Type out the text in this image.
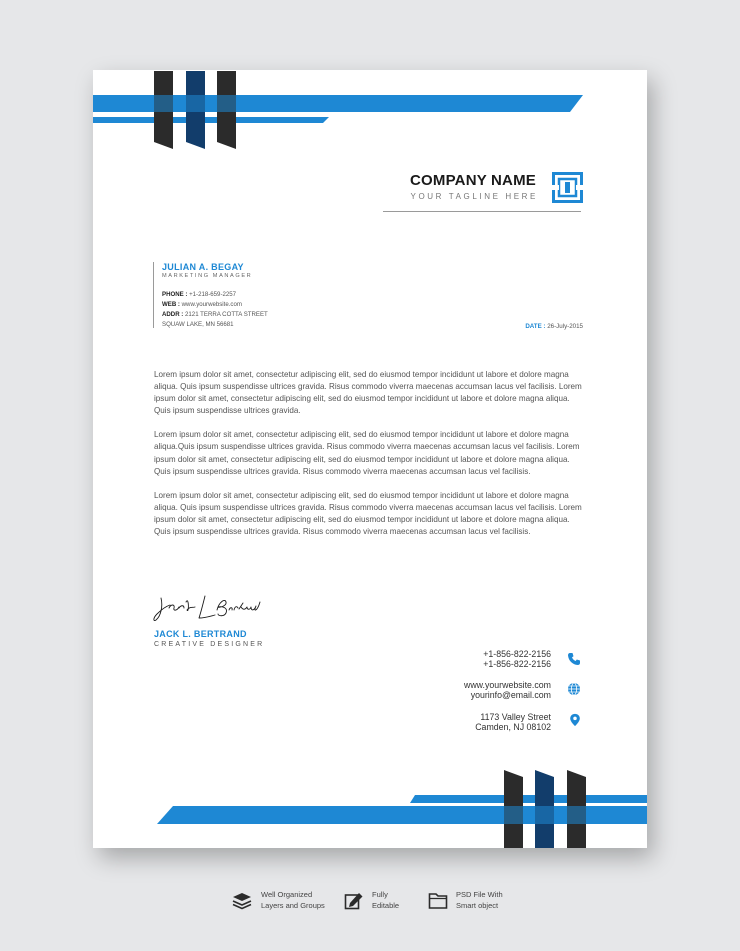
COMPANY NAME
YOUR TAGLINE HERE
JULIAN A. BEGAY
MARKETING MANAGER
PHONE : +1-218-659-2257
WEB : www.yourwebsite.com
ADDR : 2121 TERRA COTTA STREET
SQUAW LAKE, MN 56681	DATE : 26-July-2015

Lorem ipsum dolor sit amet, consectetur adipiscing elit, sed do eiusmod tempor incididunt ut labore et dolore magna aliqua. Quis ipsum suspendisse ultrices gravida. Risus commodo viverra maecenas accumsan lacus vel facilisis. Lorem ipsum dolor sit amet, consectetur adipiscing elit, sed do eiusmod tempor incididunt ut labore et dolore magna aliqua. Quis ipsum suspendisse ultrices gravida.

Lorem ipsum dolor sit amet, consectetur adipiscing elit, sed do eiusmod tempor incididunt ut labore et dolore magna aliqua.Quis ipsum suspendisse ultrices gravida. Risus commodo viverra maecenas accumsan lacus vel facilisis. Lorem ipsum dolor sit amet, consectetur adipiscing elit, sed do eiusmod tempor incididunt ut labore et dolore magna aliqua. Quis ipsum suspendisse ultrices gravida. Risus commodo viverra maecenas accumsan lacus vel facilisis.

Lorem ipsum dolor sit amet, consectetur adipiscing elit, sed do eiusmod tempor incididunt ut labore et dolore magna aliqua. Quis ipsum suspendisse ultrices gravida. Risus commodo viverra maecenas accumsan lacus vel facilisis. Lorem ipsum dolor sit amet, consectetur adipiscing elit, sed do eiusmod tempor incididunt ut labore et dolore magna aliqua. Quis ipsum suspendisse ultrices gravida. Risus commodo viverra maecenas accumsan lacus vel facilisis.

JACK L. BERTRAND
CREATIVE DESIGNER
+1-856-822-2156
+1-856-822-2156
www.yourwebsite.com
yourinfo@email.com
1173 Valley Street
Camden, NJ 08102
Well Organized
Layers and Groups
Fully
Editable
PSD File With
Smart object
